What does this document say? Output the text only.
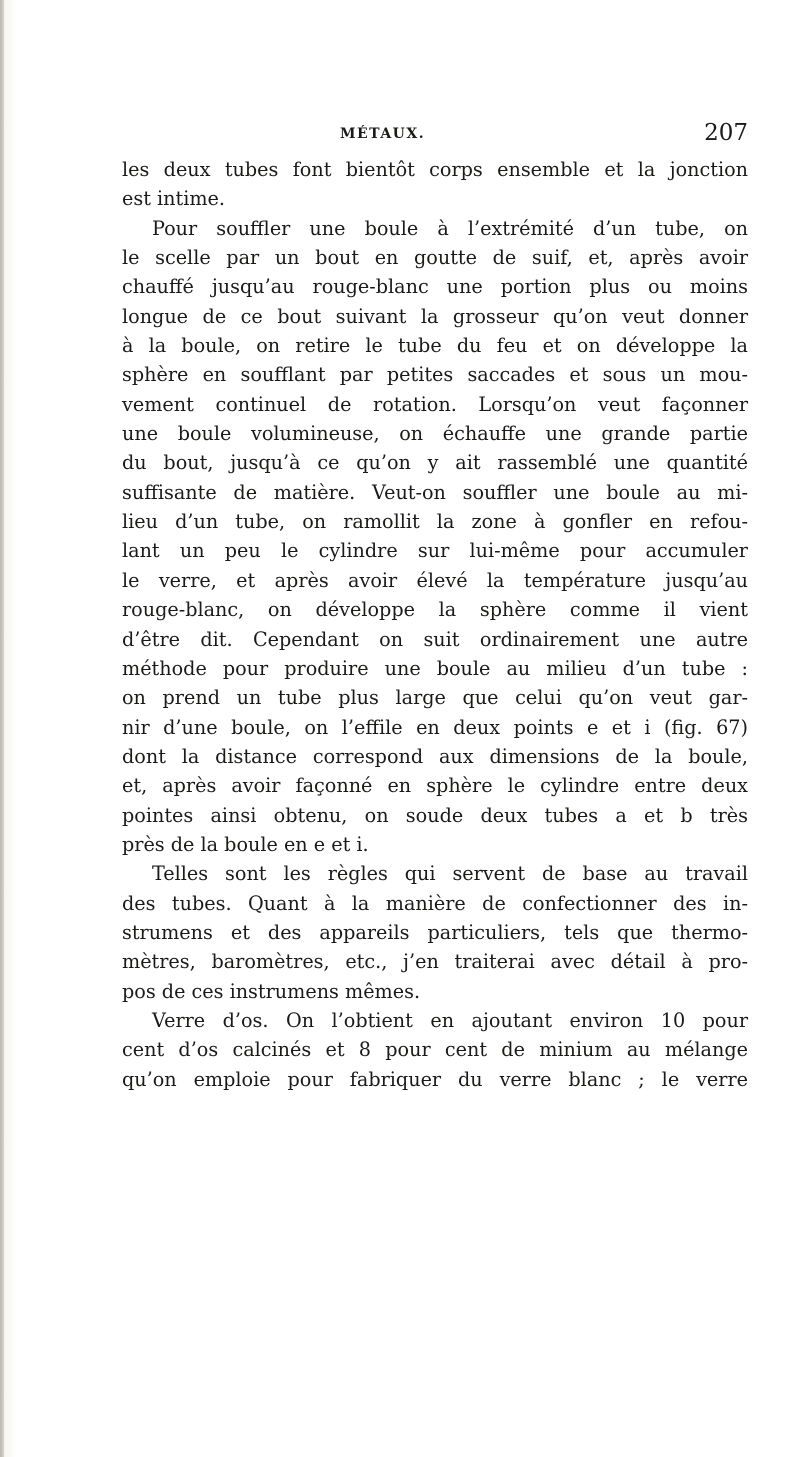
MÉTAUX.	207
les deux tubes font bientôt corps ensemble et la jonction
est intime.
Pour souffler une boule à l’extrémité d’un tube, on
le scelle par un bout en goutte de suif, et, après avoir
chauffé jusqu’au rouge-blanc une portion plus ou moins
longue de ce bout suivant la grosseur qu’on veut donner
à la boule, on retire le tube du feu et on développe la
sphère en soufflant par petites saccades et sous un mou-
vement continuel de rotation. Lorsqu’on veut façonner
une boule volumineuse, on échauffe une grande partie
du bout, jusqu’à ce qu’on y ait rassemblé une quantité
suffisante de matière. Veut-on souffler une boule au mi-
lieu d’un tube, on ramollit la zone à gonfler en refou-
lant un peu le cylindre sur lui-même pour accumuler
le verre, et après avoir élevé la température jusqu’au
rouge-blanc, on développe la sphère comme il vient
d’être dit. Cependant on suit ordinairement une autre
méthode pour produire une boule au milieu d’un tube :
on prend un tube plus large que celui qu’on veut gar-
nir d’une boule, on l’effile en deux points e et i (fig. 67)
dont la distance correspond aux dimensions de la boule,
et, après avoir façonné en sphère le cylindre entre deux
pointes ainsi obtenu, on soude deux tubes a et b très
près de la boule en e et i.
Telles sont les règles qui servent de base au travail
des tubes. Quant à la manière de confectionner des in-
strumens et des appareils particuliers, tels que thermo-
mètres, baromètres, etc., j’en traiterai avec détail à pro-
pos de ces instrumens mêmes.
Verre d’os. On l’obtient en ajoutant environ 10 pour
cent d’os calcinés et 8 pour cent de minium au mélange
qu’on emploie pour fabriquer du verre blanc ; le verre
